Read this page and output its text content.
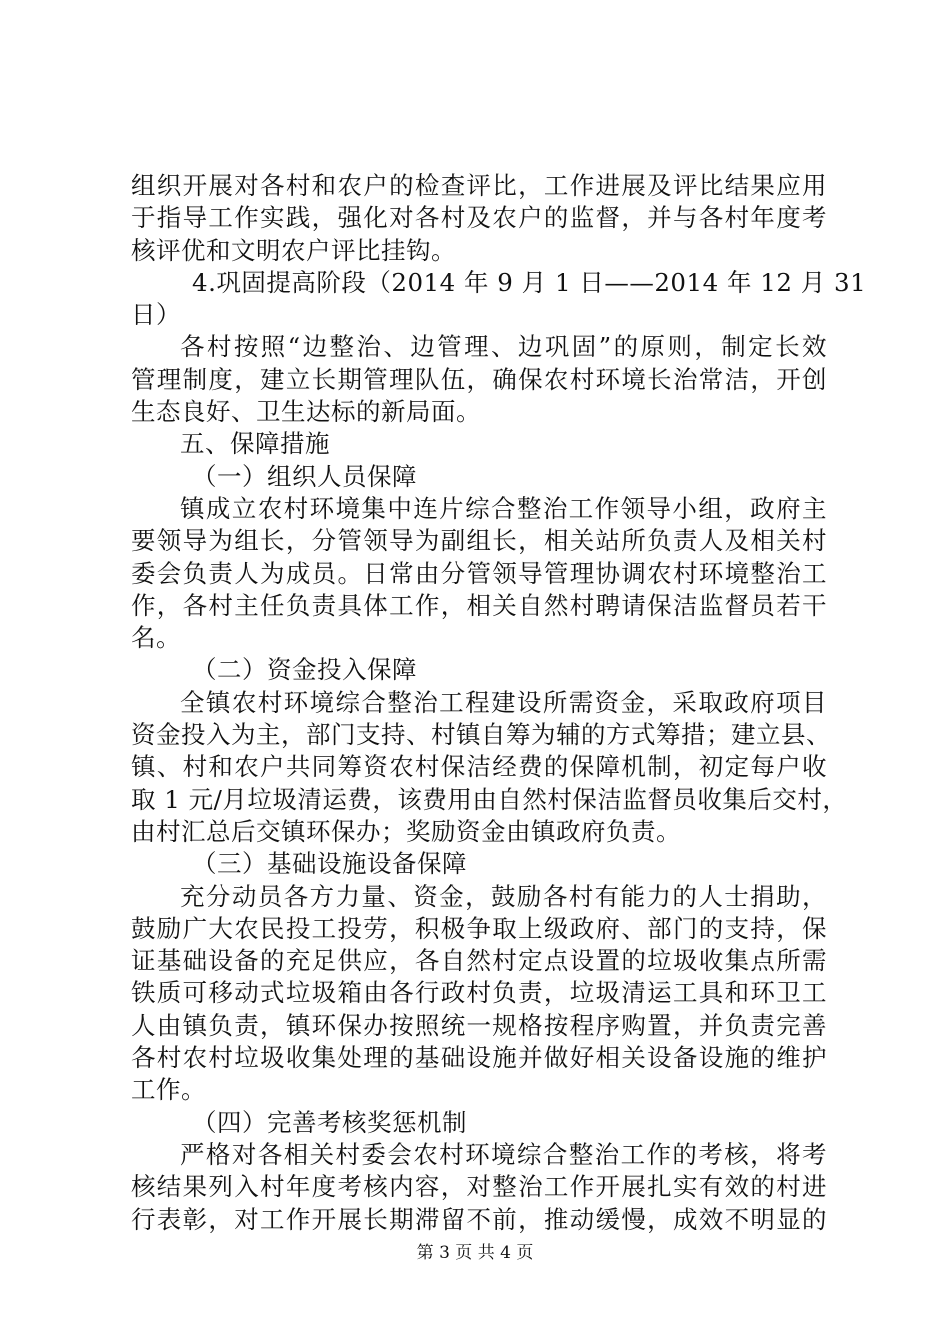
组织开展对各村和农户的检查评比，工作进展及评比结果应用
于指导工作实践，强化对各村及农户的监督，并与各村年度考
核评优和文明农户评比挂钩。
4.巩固提高阶段（2014 年 9 月 1 日——2014 年 12 月 31
日）
各村按照“边整治、边管理、边巩固”的原则，制定长效
管理制度，建立长期管理队伍，确保农村环境长治常洁，开创
生态良好、卫生达标的新局面。
五、保障措施
（一）组织人员保障
镇成立农村环境集中连片综合整治工作领导小组，政府主
要领导为组长，分管领导为副组长，相关站所负责人及相关村
委会负责人为成员。日常由分管领导管理协调农村环境整治工
作，各村主任负责具体工作，相关自然村聘请保洁监督员若干
名。
（二）资金投入保障
全镇农村环境综合整治工程建设所需资金，采取政府项目
资金投入为主，部门支持、村镇自筹为辅的方式筹措；建立县、
镇、村和农户共同筹资农村保洁经费的保障机制，初定每户收
取 1 元/月垃圾清运费，该费用由自然村保洁监督员收集后交村，
由村汇总后交镇环保办；奖励资金由镇政府负责。
（三）基础设施设备保障
充分动员各方力量、资金，鼓励各村有能力的人士捐助，
鼓励广大农民投工投劳，积极争取上级政府、部门的支持，保
证基础设备的充足供应，各自然村定点设置的垃圾收集点所需
铁质可移动式垃圾箱由各行政村负责，垃圾清运工具和环卫工
人由镇负责，镇环保办按照统一规格按程序购置，并负责完善
各村农村垃圾收集处理的基础设施并做好相关设备设施的维护
工作。
（四）完善考核奖惩机制
严格对各相关村委会农村环境综合整治工作的考核，将考
核结果列入村年度考核内容，对整治工作开展扎实有效的村进
行表彰，对工作开展长期滞留不前，推动缓慢，成效不明显的
第 3 页 共 4 页
